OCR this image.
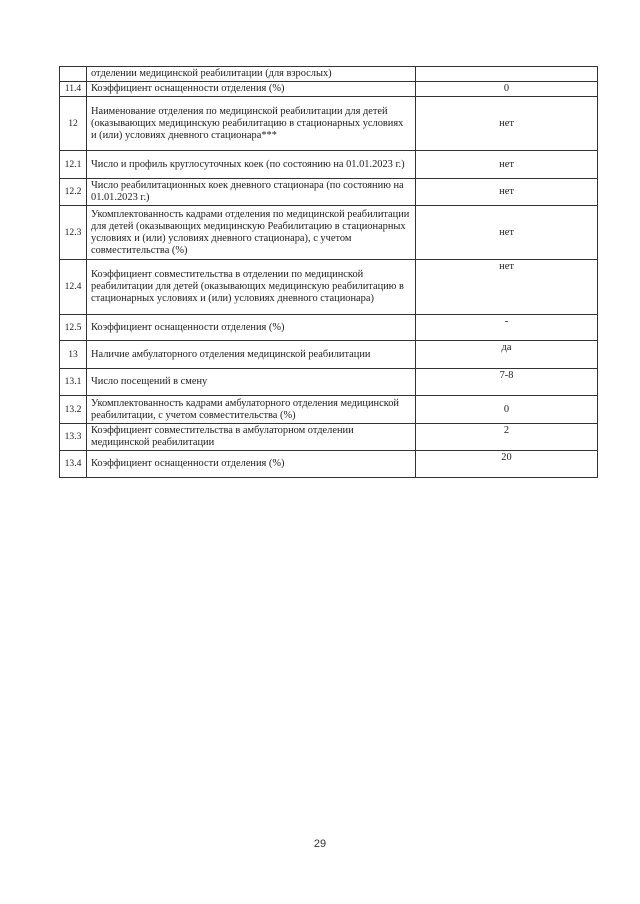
	отделении медицинской реабилитации (для взрослых)	
11.4	Коэффициент оснащенности отделения (%)	0
12	Наименование отделения по медицинской реабилитации для детей (оказывающих медицинскую реабилитацию в стационарных условиях и (или) условиях дневного стационара***	нет
12.1	Число и профиль круглосуточных коек (по состоянию на 01.01.2023 г.)	нет
12.2	Число реабилитационных коек дневного стационара (по состоянию на 01.01.2023 г.)	нет
12.3	Укомплектованность кадрами отделения по медицинской реабилитации для детей (оказывающих медицинскую Реабилитацию в стационарных условиях и (или) условиях дневного стационара), с учетом совместительства (%)	нет
12.4	Коэффициент совместительства в отделении по медицинской реабилитации для детей (оказывающих медицинскую реабилитацию в стационарных условиях и (или) условиях дневного стационара)	нет
12.5	Коэффициент оснащенности отделения (%)	-
13	Наличие амбулаторного отделения медицинской реабилитации	да
13.1	Число посещений в смену	7-8
13.2	Укомплектованность кадрами амбулаторного отделения медицинской реабилитации, с учетом совместительства (%)	0
13.3	Коэффициент совместительства в амбулаторном отделении медицинской реабилитации	2
13.4	Коэффициент оснащенности отделения (%)	20
29
